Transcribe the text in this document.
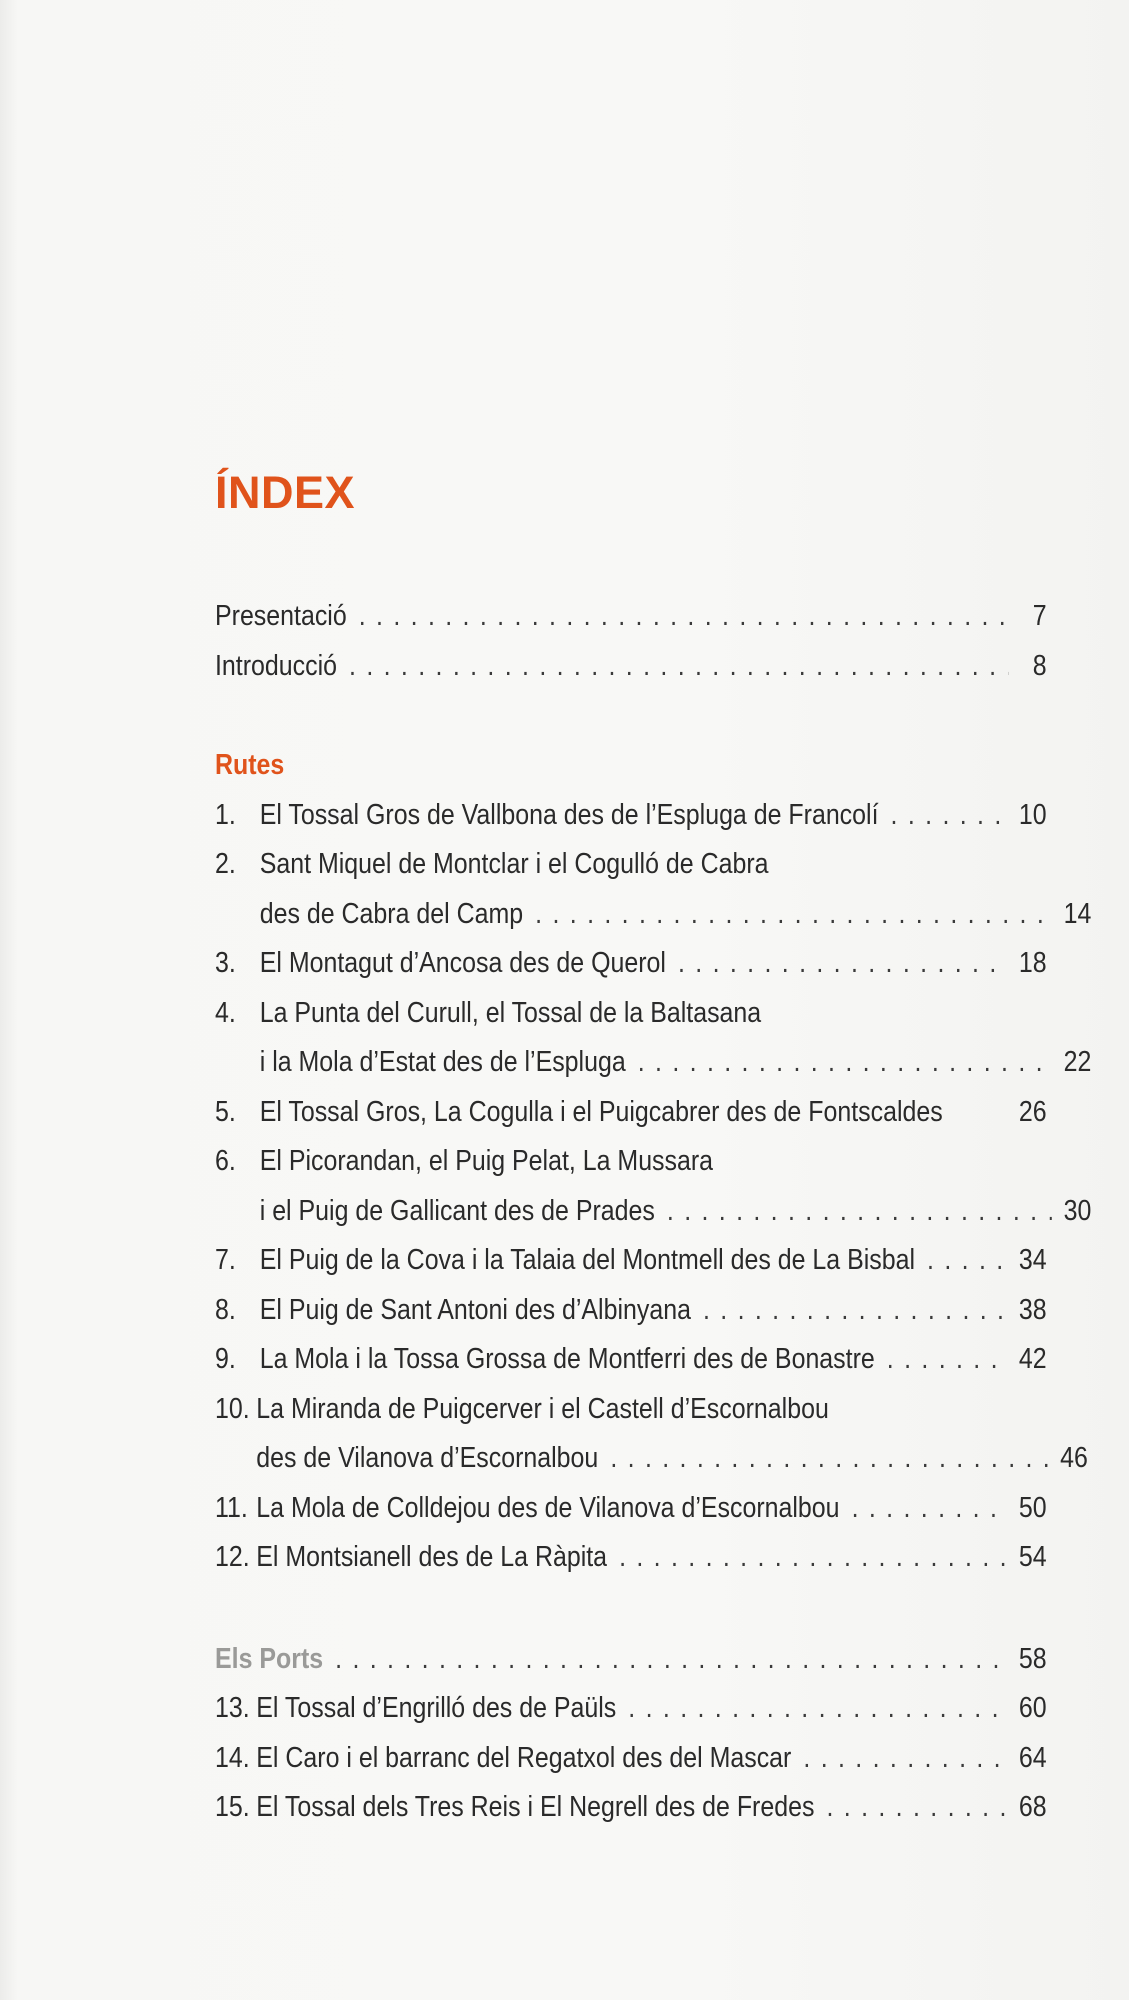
ÍNDEX
Presentació . . .	7
Introducció . . .	8
Rutes
1. El Tossal Gros de Vallbona des de l’Espluga de Francolí . . .	10
2. Sant Miquel de Montclar i el Cogulló de Cabra
des de Cabra del Camp . . .	14
3. El Montagut d’Ancosa des de Querol . . .	18
4. La Punta del Curull, el Tossal de la Baltasana
i la Mola d’Estat des de l’Espluga . . .	22
5. El Tossal Gros, La Cogulla i el Puigcabrer des de Fontscaldes	26
6. El Picorandan, el Puig Pelat, La Mussara
i el Puig de Gallicant des de Prades . . .	30
7. El Puig de la Cova i la Talaia del Montmell des de La Bisbal . . .	34
8. El Puig de Sant Antoni des d’Albinyana . . .	38
9. La Mola i la Tossa Grossa de Montferri des de Bonastre . . .	42
10. La Miranda de Puigcerver i el Castell d’Escornalbou
des de Vilanova d’Escornalbou . . .	46
11. La Mola de Colldejou des de Vilanova d’Escornalbou . . .	50
12. El Montsianell des de La Ràpita . . .	54
Els Ports . . .	58
13. El Tossal d’Engrilló des de Paüls . . .	60
14. El Caro i el barranc del Regatxol des del Mascar . . .	64
15. El Tossal dels Tres Reis i El Negrell des de Fredes . . .	68
